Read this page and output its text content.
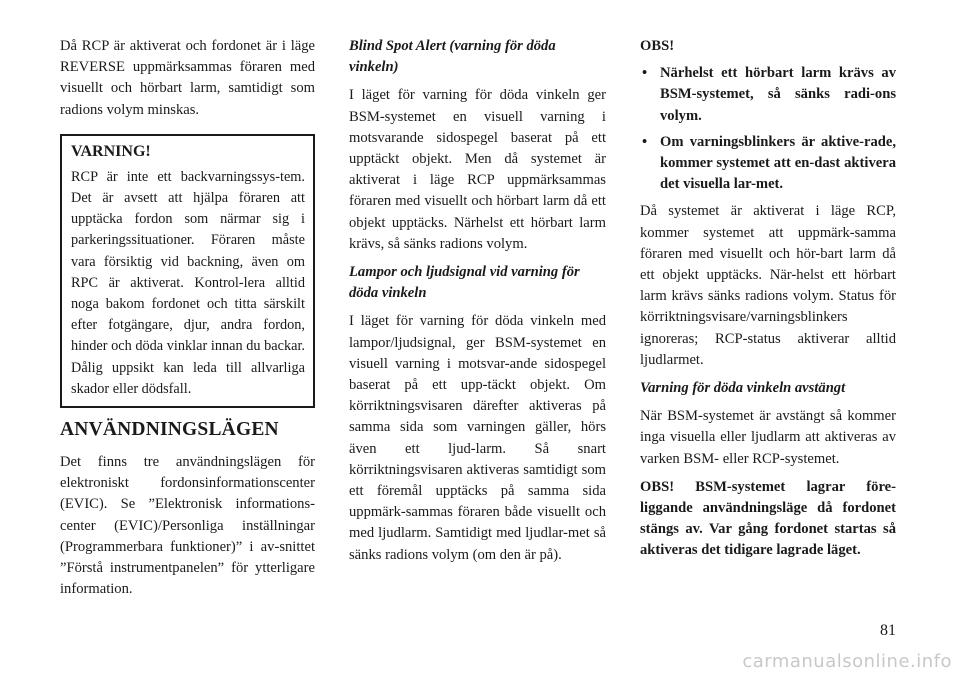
Då RCP är aktiverat och fordonet är i läge REVERSE uppmärksammas föraren med visuellt och hörbart larm, samtidigt som radions volym minskas.

VARNING!

RCP är inte ett backvarningssys-tem. Det är avsett att hjälpa föraren att upptäcka fordon som närmar sig i parkeringssituationer. Föraren måste vara försiktig vid backning, även om RPC är aktiverat. Kontrol-lera alltid noga bakom fordonet och titta särskilt efter fotgängare, djur, andra fordon, hinder och döda vinklar innan du backar. Dålig uppsikt kan leda till allvarliga skador eller dödsfall.

ANVÄNDNINGSLÄGEN

Det finns tre användningslägen för elektroniskt fordonsinformationscenter (EVIC). Se ”Elektronisk informations-center (EVIC)/Personliga inställningar (Programmerbara funktioner)” i av-snittet ”Förstå instrumentpanelen” för ytterligare information.

Blind Spot Alert (varning för döda vinkeln)

I läget för varning för döda vinkeln ger BSM-systemet en visuell varning i motsvarande sidospegel baserat på ett upptäckt objekt. Men då systemet är aktiverat i läge RCP uppmärksammas föraren med visuellt och hörbart larm då ett objekt upptäcks. Närhelst ett hörbart larm krävs, så sänks radions volym.

Lampor och ljudsignal vid varning för döda vinkeln

I läget för varning för döda vinkeln med lampor/ljudsignal, ger BSM-systemet en visuell varning i motsvar-ande sidospegel baserat på ett upp-täckt objekt. Om körriktningsvisaren därefter aktiveras på samma sida som varningen gäller, hörs även ett ljud-larm. Så snart körriktningsvisaren aktiveras samtidigt som ett föremål upptäcks på samma sida uppmärk-sammas föraren både visuellt och med ljudlarm. Samtidigt med ljudlar-met så sänks radions volym (om den är på).

OBS!
• Närhelst ett hörbart larm krävs av BSM-systemet, så sänks radi-ons volym.
• Om varningsblinkers är aktive-rade, kommer systemet att en-dast aktivera det visuella lar-met.

Då systemet är aktiverat i läge RCP, kommer systemet att uppmärk-samma föraren med visuellt och hör-bart larm då ett objekt upptäcks. När-helst ett hörbart larm krävs sänks radions volym. Status för körriktningsvisare/varningsblinkers ignoreras; RCP-status aktiverar alltid ljudlarmet.

Varning för döda vinkeln avstängt

När BSM-systemet är avstängt så kommer inga visuella eller ljudlarm att aktiveras av varken BSM- eller RCP-systemet.

OBS! BSM-systemet lagrar före-liggande användningsläge då fordonet stängs av. Var gång fordonet startas så aktiveras det tidigare lagrade läget.

81
carmanualsonline.info
